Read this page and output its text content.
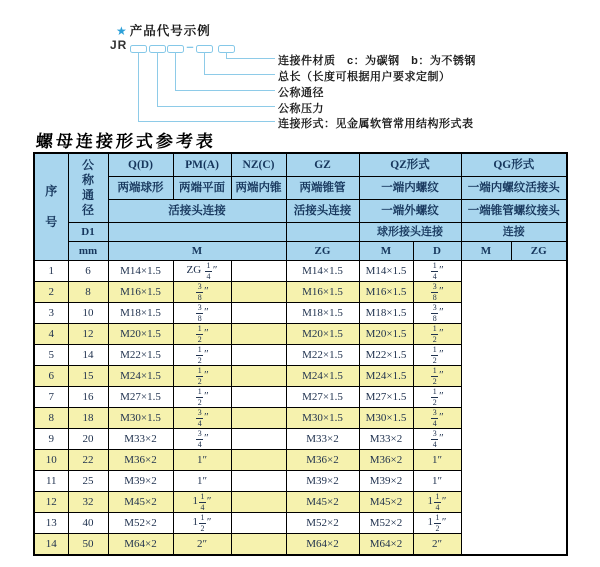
★ 产品代号示例
JR	–
连接件材质　c：为碳钢　b：为不锈钢
总长（长度可根据用户要求定制）
公称通径
公称压力
连接形式：见金属软管常用结构形式表
螺母连接形式参考表
序号	公称通径	Q(D)	PM(A)	NZ(C)	GZ	QZ形式		QG形式	
		两端球形	两端平面	两端内锥	两端锥管	一端内螺纹		一端内螺纹活接头	
		活接头连接			活接头连接	一端外螺纹		一端锥管螺纹接头	
	D1					球形接头连接		连接	
	mm	M			ZG	M	D	M	ZG
1	6	M14×1.5	ZG $\frac{1}{4}$ ″		M14×1.5	M14×1.5	$\frac{1}{4}$ ″		
2	8	M16×1.5	$\frac{3}{8}$ ″		M16×1.5	M16×1.5	$\frac{3}{8}$ ″		
3	10	M18×1.5	$\frac{3}{8}$ ″		M18×1.5	M18×1.5	$\frac{3}{8}$ ″		
4	12	M20×1.5	$\frac{1}{2}$ ″		M20×1.5	M20×1.5	$\frac{1}{2}$ ″		
5	14	M22×1.5	$\frac{1}{2}$ ″		M22×1.5	M22×1.5	$\frac{1}{2}$ ″		
6	15	M24×1.5	$\frac{1}{2}$ ″		M24×1.5	M24×1.5	$\frac{1}{2}$ ″		
7	16	M27×1.5	$\frac{1}{2}$ ″		M27×1.5	M27×1.5	$\frac{1}{2}$ ″		
8	18	M30×1.5	$\frac{3}{4}$ ″		M30×1.5	M30×1.5	$\frac{3}{4}$ ″		
9	20	M33×2	$\frac{3}{4}$ ″		M33×2	M33×2	$\frac{3}{4}$ ″		
10	22	M36×2	1″		M36×2	M36×2	1″		
11	25	M39×2	1″		M39×2	M39×2	1″		
12	32	M45×2	$1 \frac{1}{4}$ ″		M45×2	M45×2	$1 \frac{1}{4}$ ″		
13	40	M52×2	$1 \frac{1}{2}$ ″		M52×2	M52×2	$1 \frac{1}{2}$ ″		
14	50	M64×2	2″		M64×2	M64×2	2″		
